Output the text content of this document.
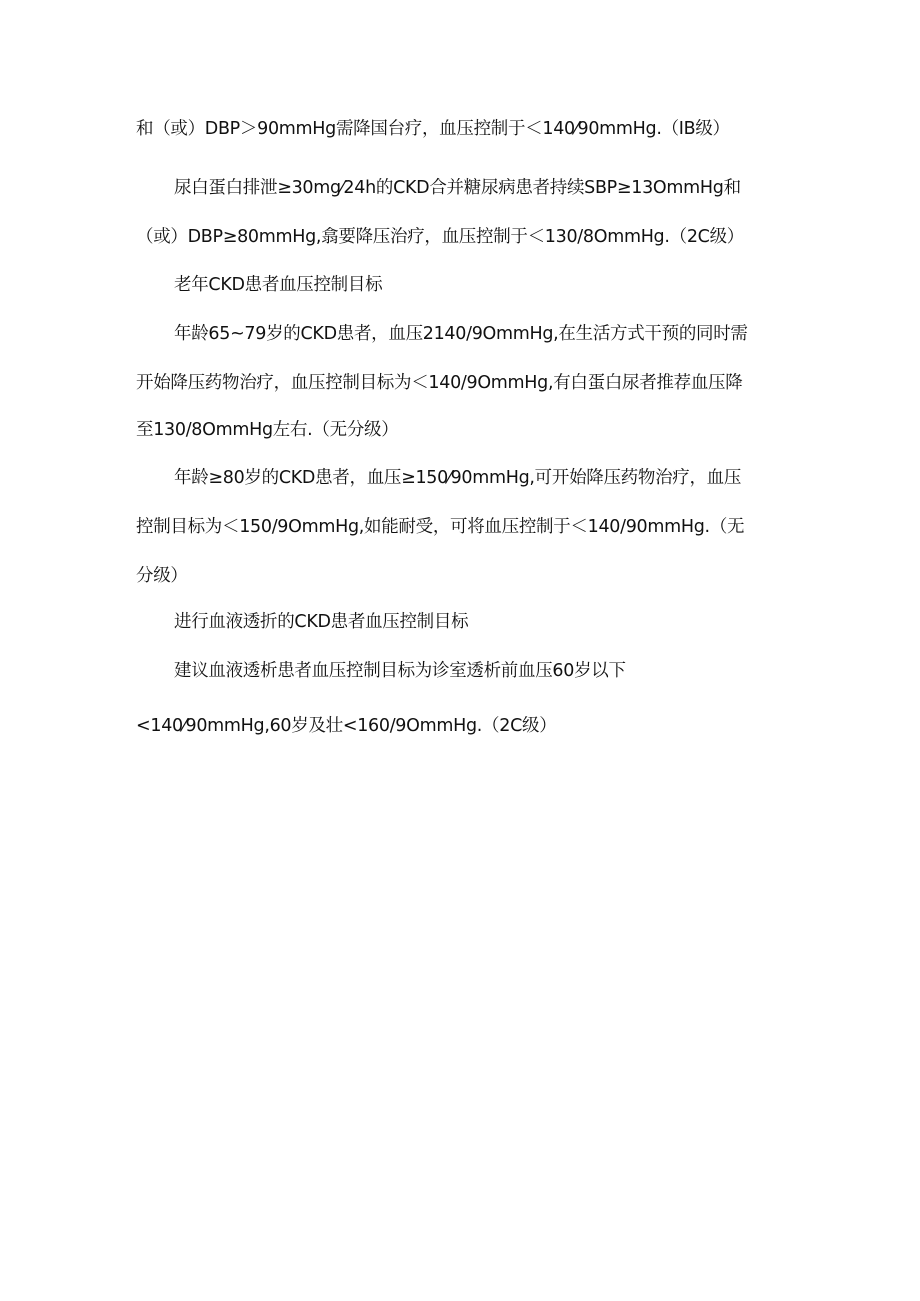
和（或）DBP＞90mmHg需降国台疗，血压控制于＜140⁄90mmHg.（IB级）
尿白蛋白排泄≥30mg⁄24h的CKD合并糖尿病患者持续SBP≥13OmmHg和
（或）DBP≥80mmHg,翕要降压治疗，血压控制于＜130/8OmmHg.（2C级）
老年CKD患者血压控制目标
年龄65~79岁的CKD患者，血压2140/9OmmHg,在生活方式干预的同时需
开始降压药物治疗，血压控制目标为＜140/9OmmHg,有白蛋白尿者推荐血压降
至130/8OmmHg左右.（无分级）
年龄≥80岁的CKD患者，血压≥150⁄90mmHg,可开始降压药物治疗，血压
控制目标为＜150/9OmmHg,如能耐受，可将血压控制于＜140/90mmHg.（无
分级）
进行血液透折的CKD患者血压控制目标
建议血液透析患者血压控制目标为诊室透析前血压60岁以下
<140⁄90mmHg,60岁及壮<160/9OmmHg.（2C级）
